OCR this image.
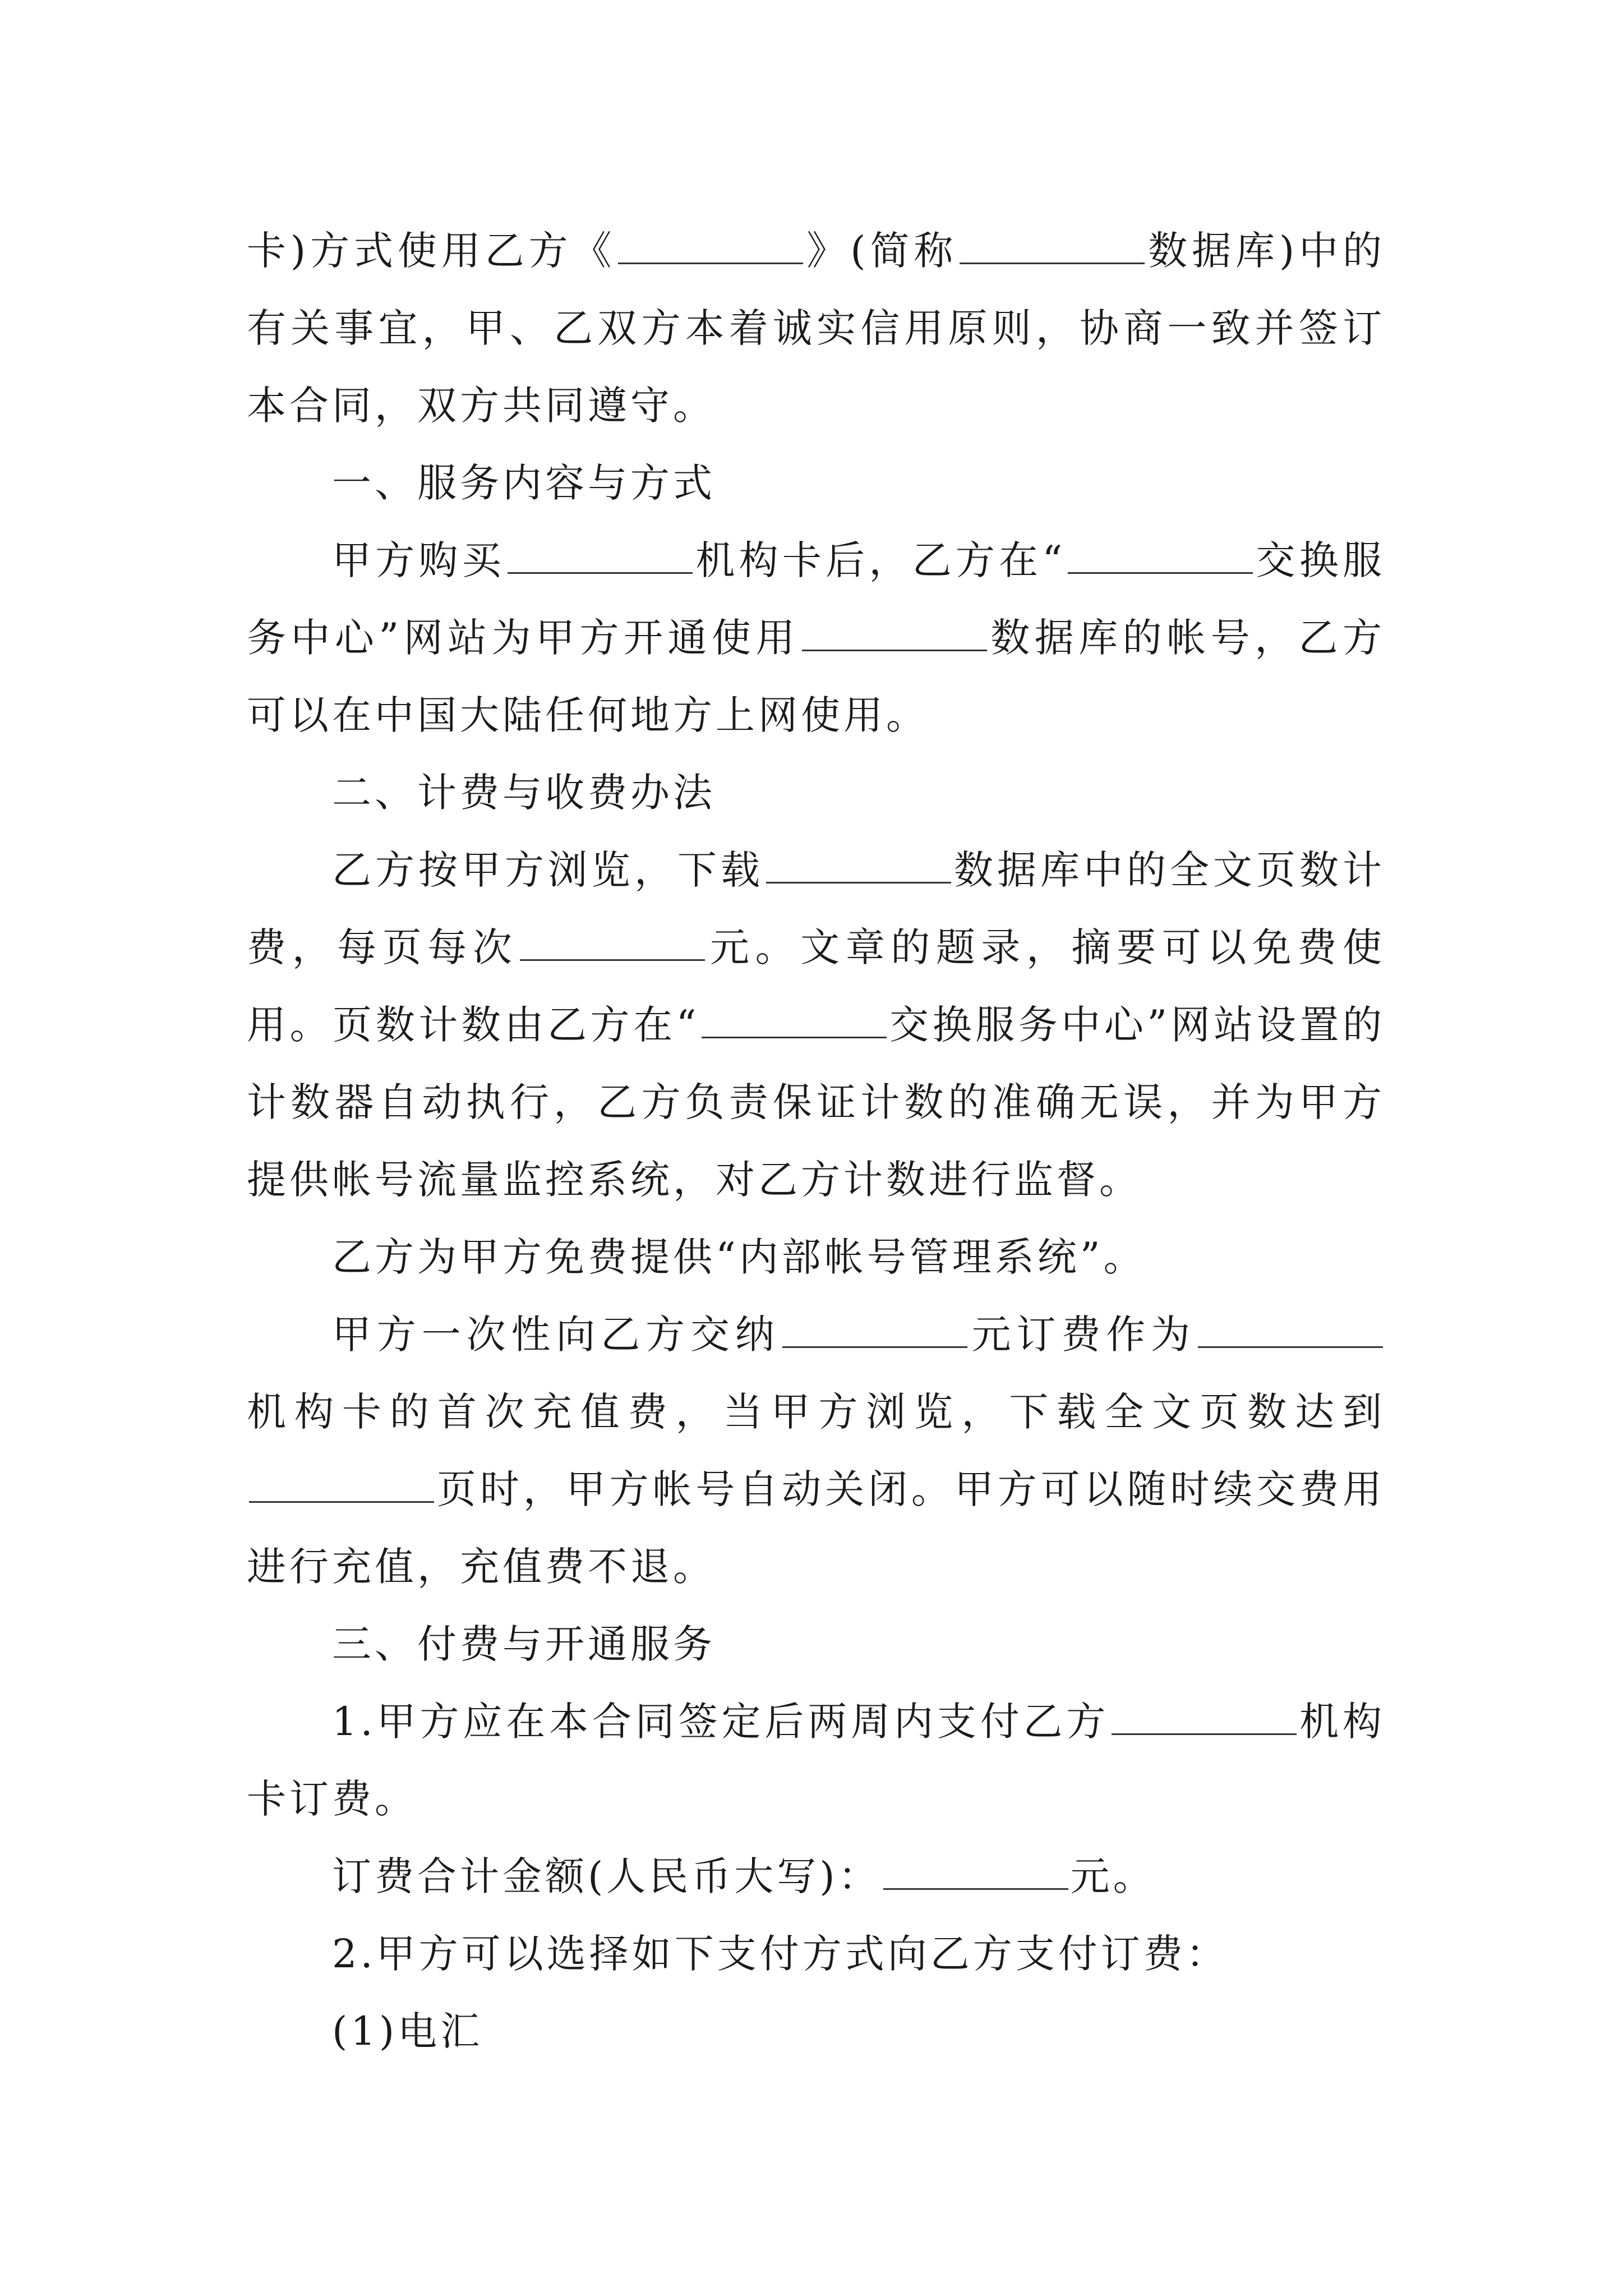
卡)方式使用乙方《	》(简称	数据库)中的有关事宜，甲、乙双方本着诚实信用原则，协商一致并签订本合同，双方共同遵守。

一、服务内容与方式

甲方购买	机构卡后，乙方在“	交换服务中心”网站为甲方开通使用	数据库的帐号，乙方可以在中国大陆任何地方上网使用。

二、计费与收费办法

乙方按甲方浏览，下载	数据库中的全文页数计费，每页每次	元。文章的题录，摘要可以免费使用。页数计数由乙方在“	交换服务中心”网站设置的计数器自动执行，乙方负责保证计数的准确无误，并为甲方提供帐号流量监控系统，对乙方计数进行监督。

乙方为甲方免费提供“内部帐号管理系统”。

甲方一次性向乙方交纳	元订费作为机构卡的首次充值费，当甲方浏览，下载全文页数达到页时，甲方帐号自动关闭。甲方可以随时续交费用进行充值，充值费不退。

三、付费与开通服务

1.甲方应在本合同签定后两周内支付乙方	机构卡订费。

订费合计金额(人民币大写)：	元。

2.甲方可以选择如下支付方式向乙方支付订费：

(1)电汇
